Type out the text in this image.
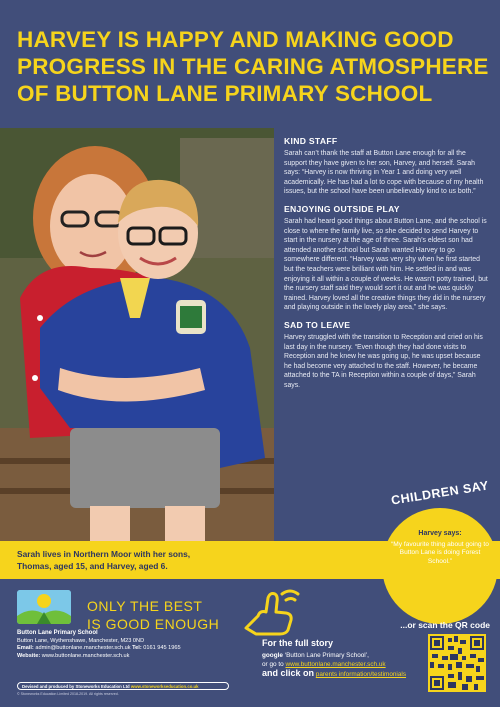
HARVEY IS HAPPY AND MAKING GOOD
PROGRESS IN THE CARING ATMOSPHERE
OF BUTTON LANE PRIMARY SCHOOL
KIND STAFF

Sarah can’t thank the staff at Button Lane enough for all the support they have given to her son, Harvey, and herself. Sarah says: “Harvey is now thriving in Year 1 and doing very well academically. He has had a lot to cope with because of my health issues, but the school have been unbelievably kind to us both.”

ENJOYING OUTSIDE PLAY

Sarah had heard good things about Button Lane, and the school is close to where the family live, so she decided to send Harvey to start in the nursery at the age of three. Sarah’s eldest son had attended another school but Sarah wanted Harvey to go somewhere different. “Harvey was very shy when he first started but the teachers were brilliant with him. He settled in and was enjoying it all within a couple of weeks. He wasn’t potty trained, but the nursery staff said they would sort it out and he was quickly trained. Harvey loved all the creative things they did in the nursery and playing outside in the lovely play area,” she says.

SAD TO LEAVE

Harvey struggled with the transition to Reception and cried on his last day in the nursery. “Even though they had done visits to Reception and he knew he was going up, he was upset because he had become very attached to the staff. However, he became attached to the TA in Reception within a couple of days,” Sarah says.

Sarah lives in Northern Moor with her sons,
Thomas, aged 15, and Harvey, aged 6.
CHILDREN SAY
Harvey says:
“My favourite thing about going to Button Lane is doing Forest School.”
ONLY THE BEST
IS GOOD ENOUGH	...or scan the QR code
Button Lane Primary School
Button Lane, Wythenshawe, Manchester, M23 0ND
Email: admin@buttonlane.manchester.sch.uk Tel: 0161 945 1965
Website: www.buttonlane.manchester.sch.uk
Devised and produced by Stoneworks Education Ltd www.stoneworkseducation.co.uk
© Stoneworks Education Limited 2018-2019. All rights reserved.
For the full story
google ‘Button Lane Primary School’,
or go to www.buttonlane.manchester.sch.uk
and click on parents information/testimonials
